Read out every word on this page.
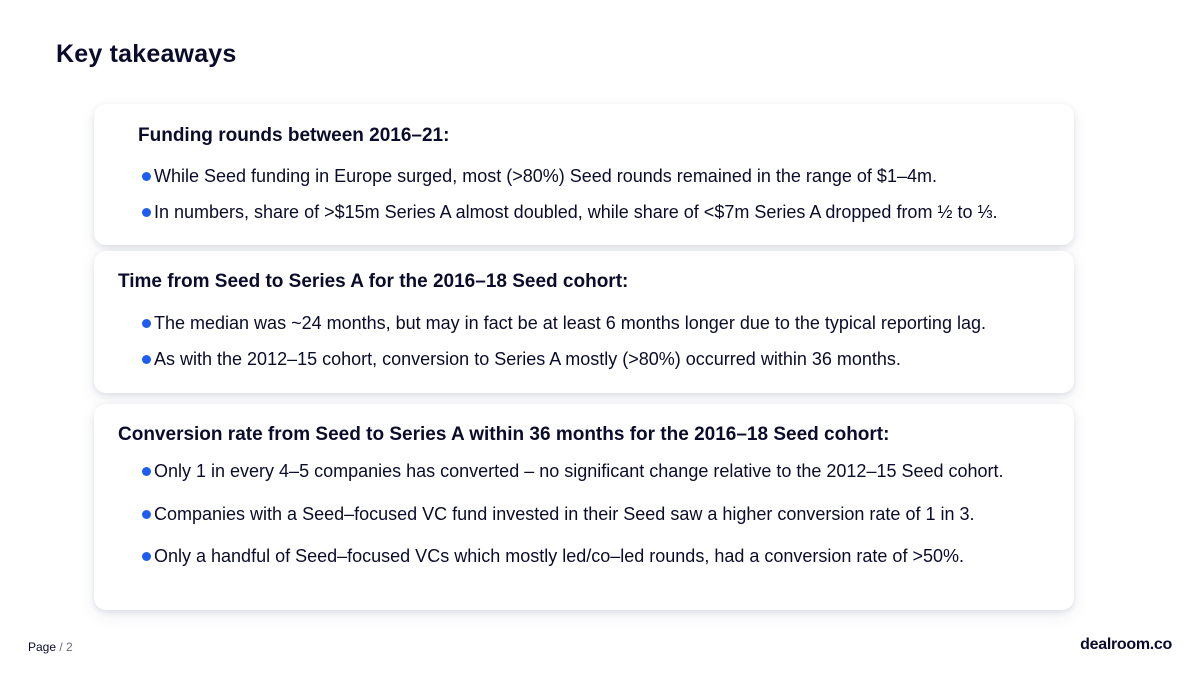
Key takeaways
Funding rounds between 2016–21:
While Seed funding in Europe surged, most (>80%) Seed rounds remained in the range of $1–4m.
In numbers, share of >$15m Series A almost doubled, while share of <$7m Series A dropped from ½ to ⅓.
Time from Seed to Series A for the 2016–18 Seed cohort:
The median was ~24 months, but may in fact be at least 6 months longer due to the typical reporting lag.
As with the 2012–15 cohort, conversion to Series A mostly (>80%) occurred within 36 months.
Conversion rate from Seed to Series A within 36 months for the 2016–18 Seed cohort:
Only 1 in every 4–5 companies has converted – no significant change relative to the 2012–15 Seed cohort.
Companies with a Seed–focused VC fund invested in their Seed saw a higher conversion rate of 1 in 3.
Only a handful of Seed–focused VCs which mostly led/co–led rounds, had a conversion rate of >50%.
Page / 2	dealroom.co
